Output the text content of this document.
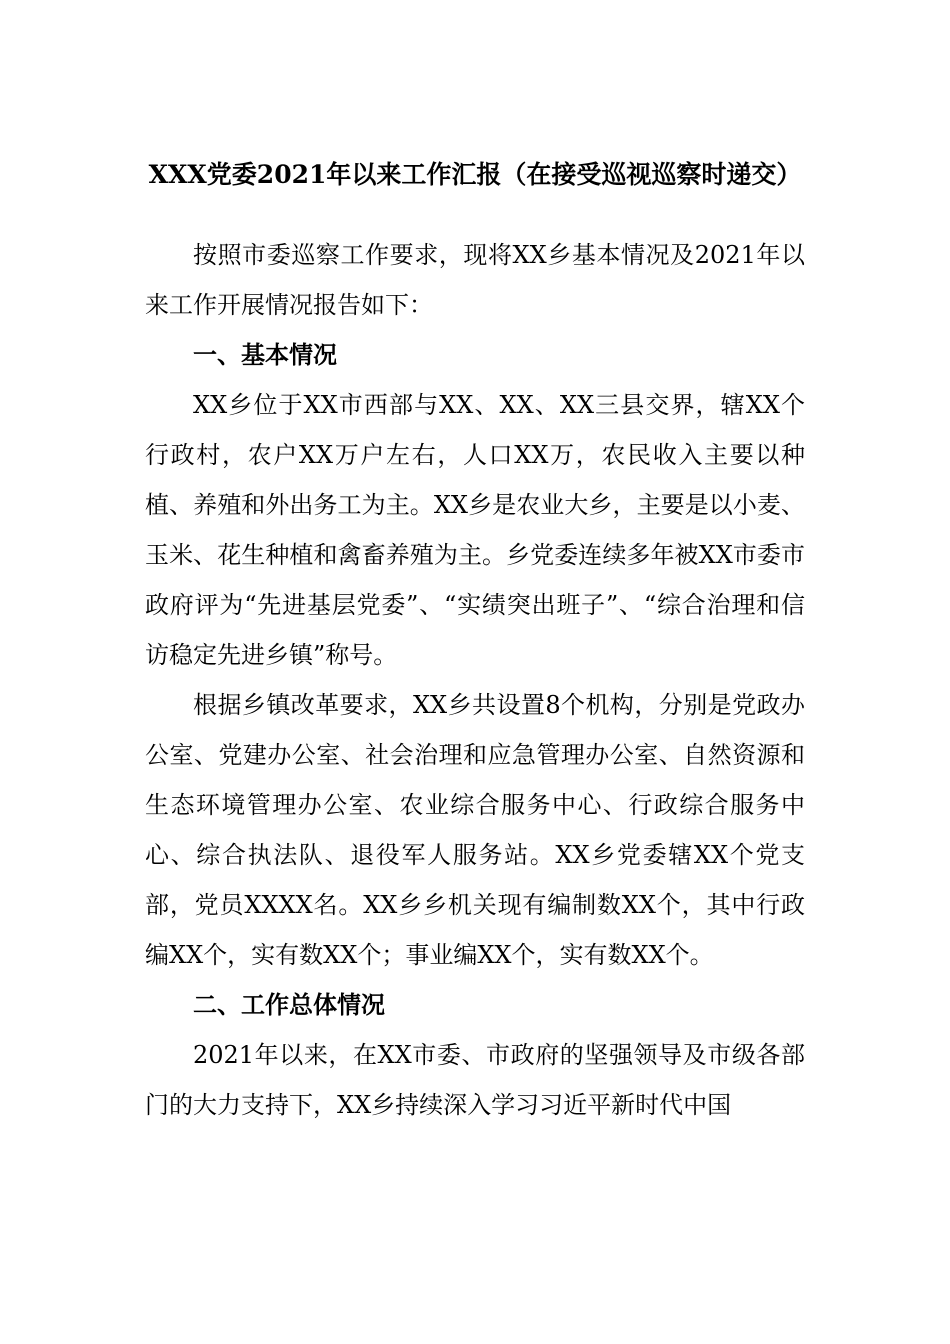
XXX党委2021年以来工作汇报（在接受巡视巡察时递交）

按照市委巡察工作要求，现将XX乡基本情况及2021年以来工作开展情况报告如下：

一、基本情况

XX乡位于XX市西部与XX、XX、XX三县交界，辖XX个行政村，农户XX万户左右，人口XX万，农民收入主要以种植、养殖和外出务工为主。XX乡是农业大乡，主要是以小麦、玉米、花生种植和禽畜养殖为主。乡党委连续多年被XX市委市政府评为“先进基层党委”、“实绩突出班子”、“综合治理和信访稳定先进乡镇”称号。

根据乡镇改革要求，XX乡共设置8个机构，分别是党政办公室、党建办公室、社会治理和应急管理办公室、自然资源和生态环境管理办公室、农业综合服务中心、行政综合服务中心、综合执法队、退役军人服务站。XX乡党委辖XX个党支部，党员XXXX名。XX乡乡机关现有编制数XX个，其中行政编XX个，实有数XX个；事业编XX个，实有数XX个。

二、工作总体情况

2021年以来，在XX市委、市政府的坚强领导及市级各部门的大力支持下，XX乡持续深入学习习近平新时代中国
